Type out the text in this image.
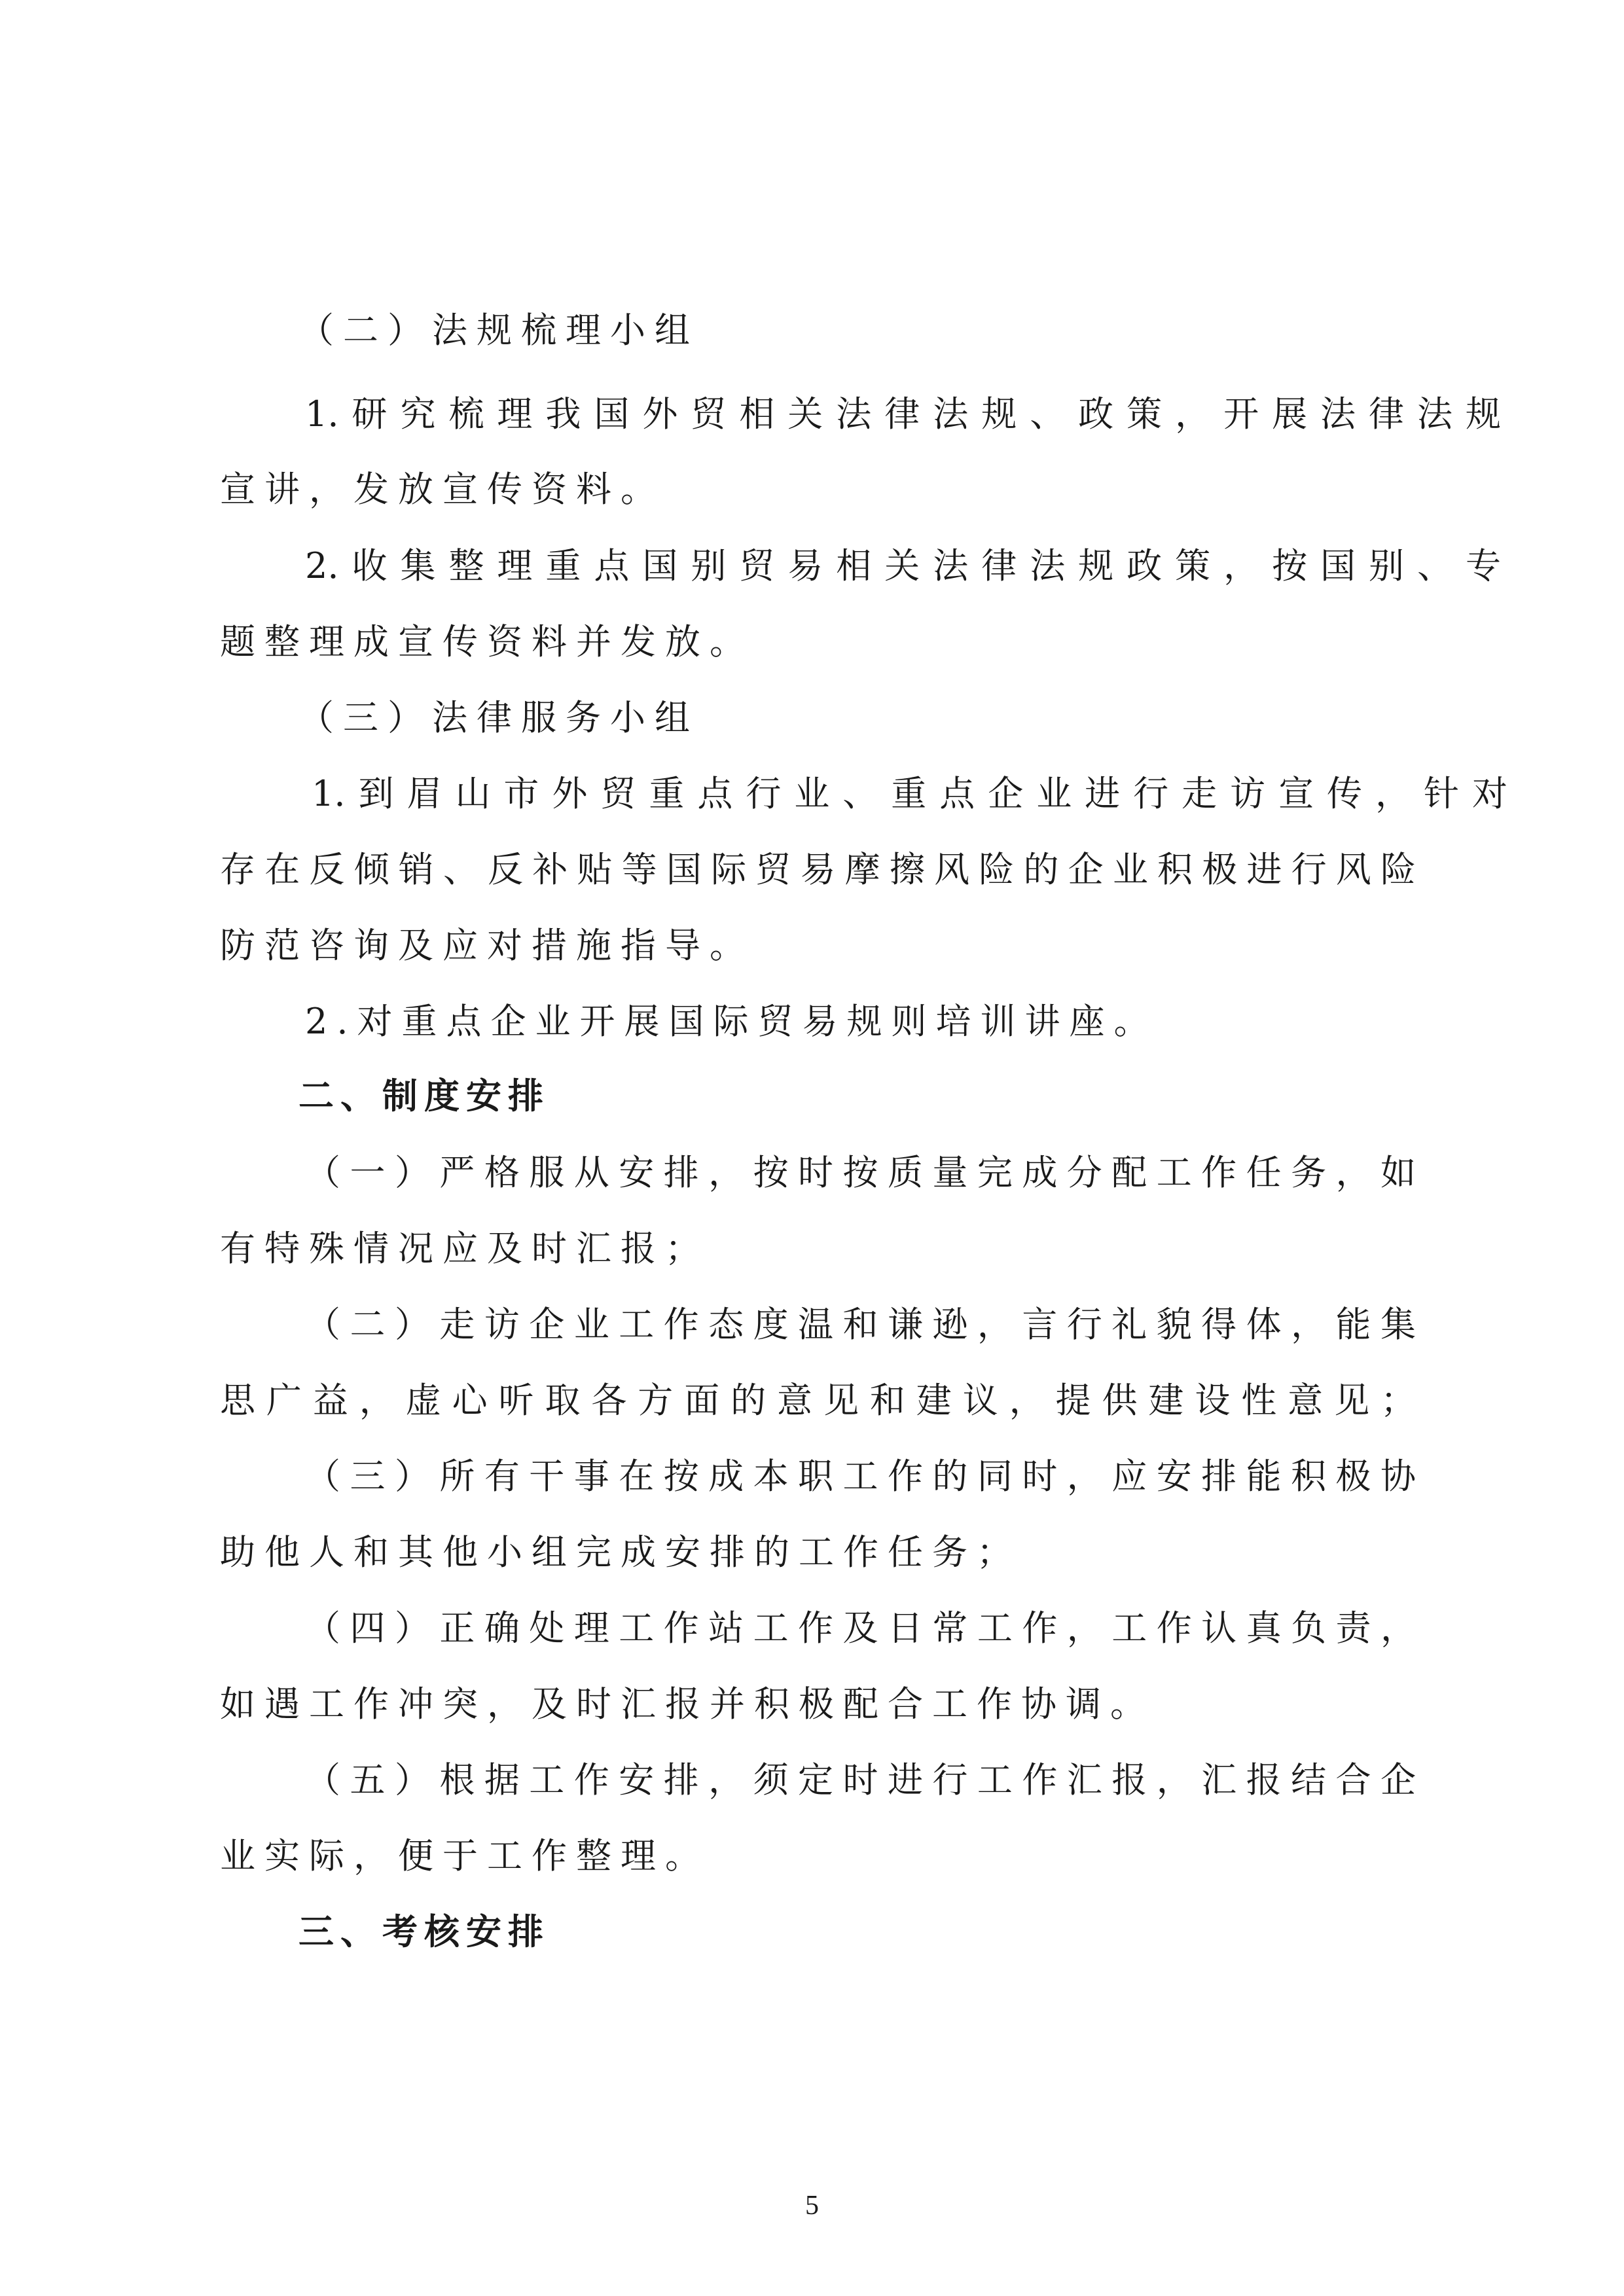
（二）法规梳理小组
1.研究梳理我国外贸相关法律法规、政策，开展法律法规
宣讲，发放宣传资料。
2.收集整理重点国别贸易相关法律法规政策，按国别、专
题整理成宣传资料并发放。
（三）法律服务小组
1.到眉山市外贸重点行业、重点企业进行走访宣传，针对
存在反倾销、反补贴等国际贸易摩擦风险的企业积极进行风险
防范咨询及应对措施指导。
2.对重点企业开展国际贸易规则培训讲座。
二、制度安排
（一）严格服从安排，按时按质量完成分配工作任务，如
有特殊情况应及时汇报；
（二）走访企业工作态度温和谦逊，言行礼貌得体，能集
思广益，虚心听取各方面的意见和建议，提供建设性意见；
（三）所有干事在按成本职工作的同时，应安排能积极协
助他人和其他小组完成安排的工作任务；
（四）正确处理工作站工作及日常工作，工作认真负责，
如遇工作冲突，及时汇报并积极配合工作协调。
（五）根据工作安排，须定时进行工作汇报，汇报结合企
业实际，便于工作整理。
三、考核安排
5
